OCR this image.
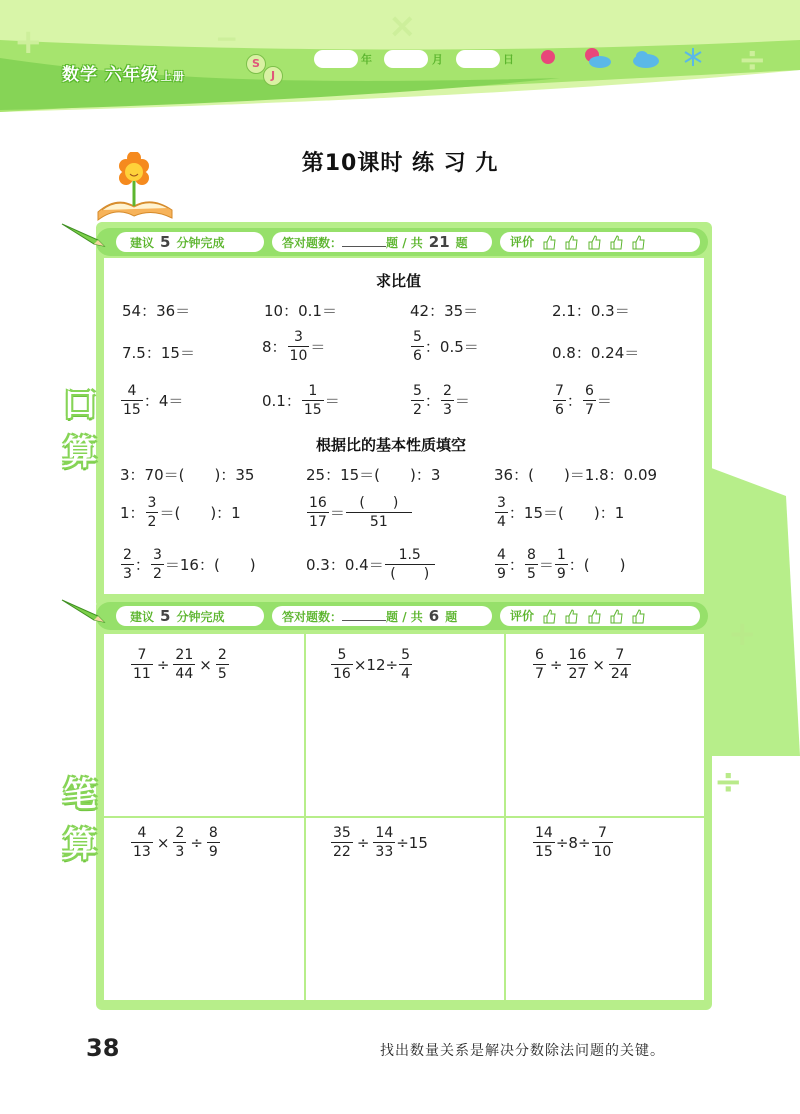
+	−	×
÷
数学 六年级 上册
S
J
年	月	日
第10课时 练 习 九
建议 5 分钟完成	答对题数：	题 / 共 21 题	评价
口
算
求比值
54：36＝	10：0.1＝	42：35＝	2.1：0.3＝
7.5：15＝	8： $\frac{3}{10}$ ＝	$\frac{5}{6}$ ：0.5＝	0.8：0.24＝
$\frac{4}{15}$ ：4＝	0.1： $\frac{1}{15}$ ＝	$\frac{5}{2}$ ： $\frac{2}{3}$ ＝	$\frac{7}{6}$ ： $\frac{6}{7}$ ＝
根据比的基本性质填空
3：70＝(　　)：35	25：15＝(　　)：3	36：(　　)＝1.8：0.09
1： $\frac{3}{2}$ ＝(　　)：1	$\frac{16}{17} = \frac{( )}{51}$	$\frac{3}{4}$ ：15＝(　　)：1
$\frac{2}{3}$ ： $\frac{3}{2} =16$：(　　)	0.3：$0.4= \frac{1.5}{( )}$	$\frac{4}{9}$ ： $\frac{8}{5} = \frac{1}{9}$ ：(　　)
建议 5 分钟完成	答对题数：	题 / 共 6 题	评价
笔
算
$\frac{7}{11} \div \frac{21}{44} \times \frac{2}{5}$	$\frac{5}{16} \times 12\div \frac{5}{4}$	$\frac{6}{7} \div \frac{16}{27} \times \frac{7}{24}$
$\frac{4}{13} \times \frac{2}{3} \div \frac{8}{9}$	$\frac{35}{22} \div \frac{14}{33} \div 15$	$\frac{14}{15} \div 8\div \frac{7}{10}$
+
÷
38	找出数量关系是解决分数除法问题的关键。
